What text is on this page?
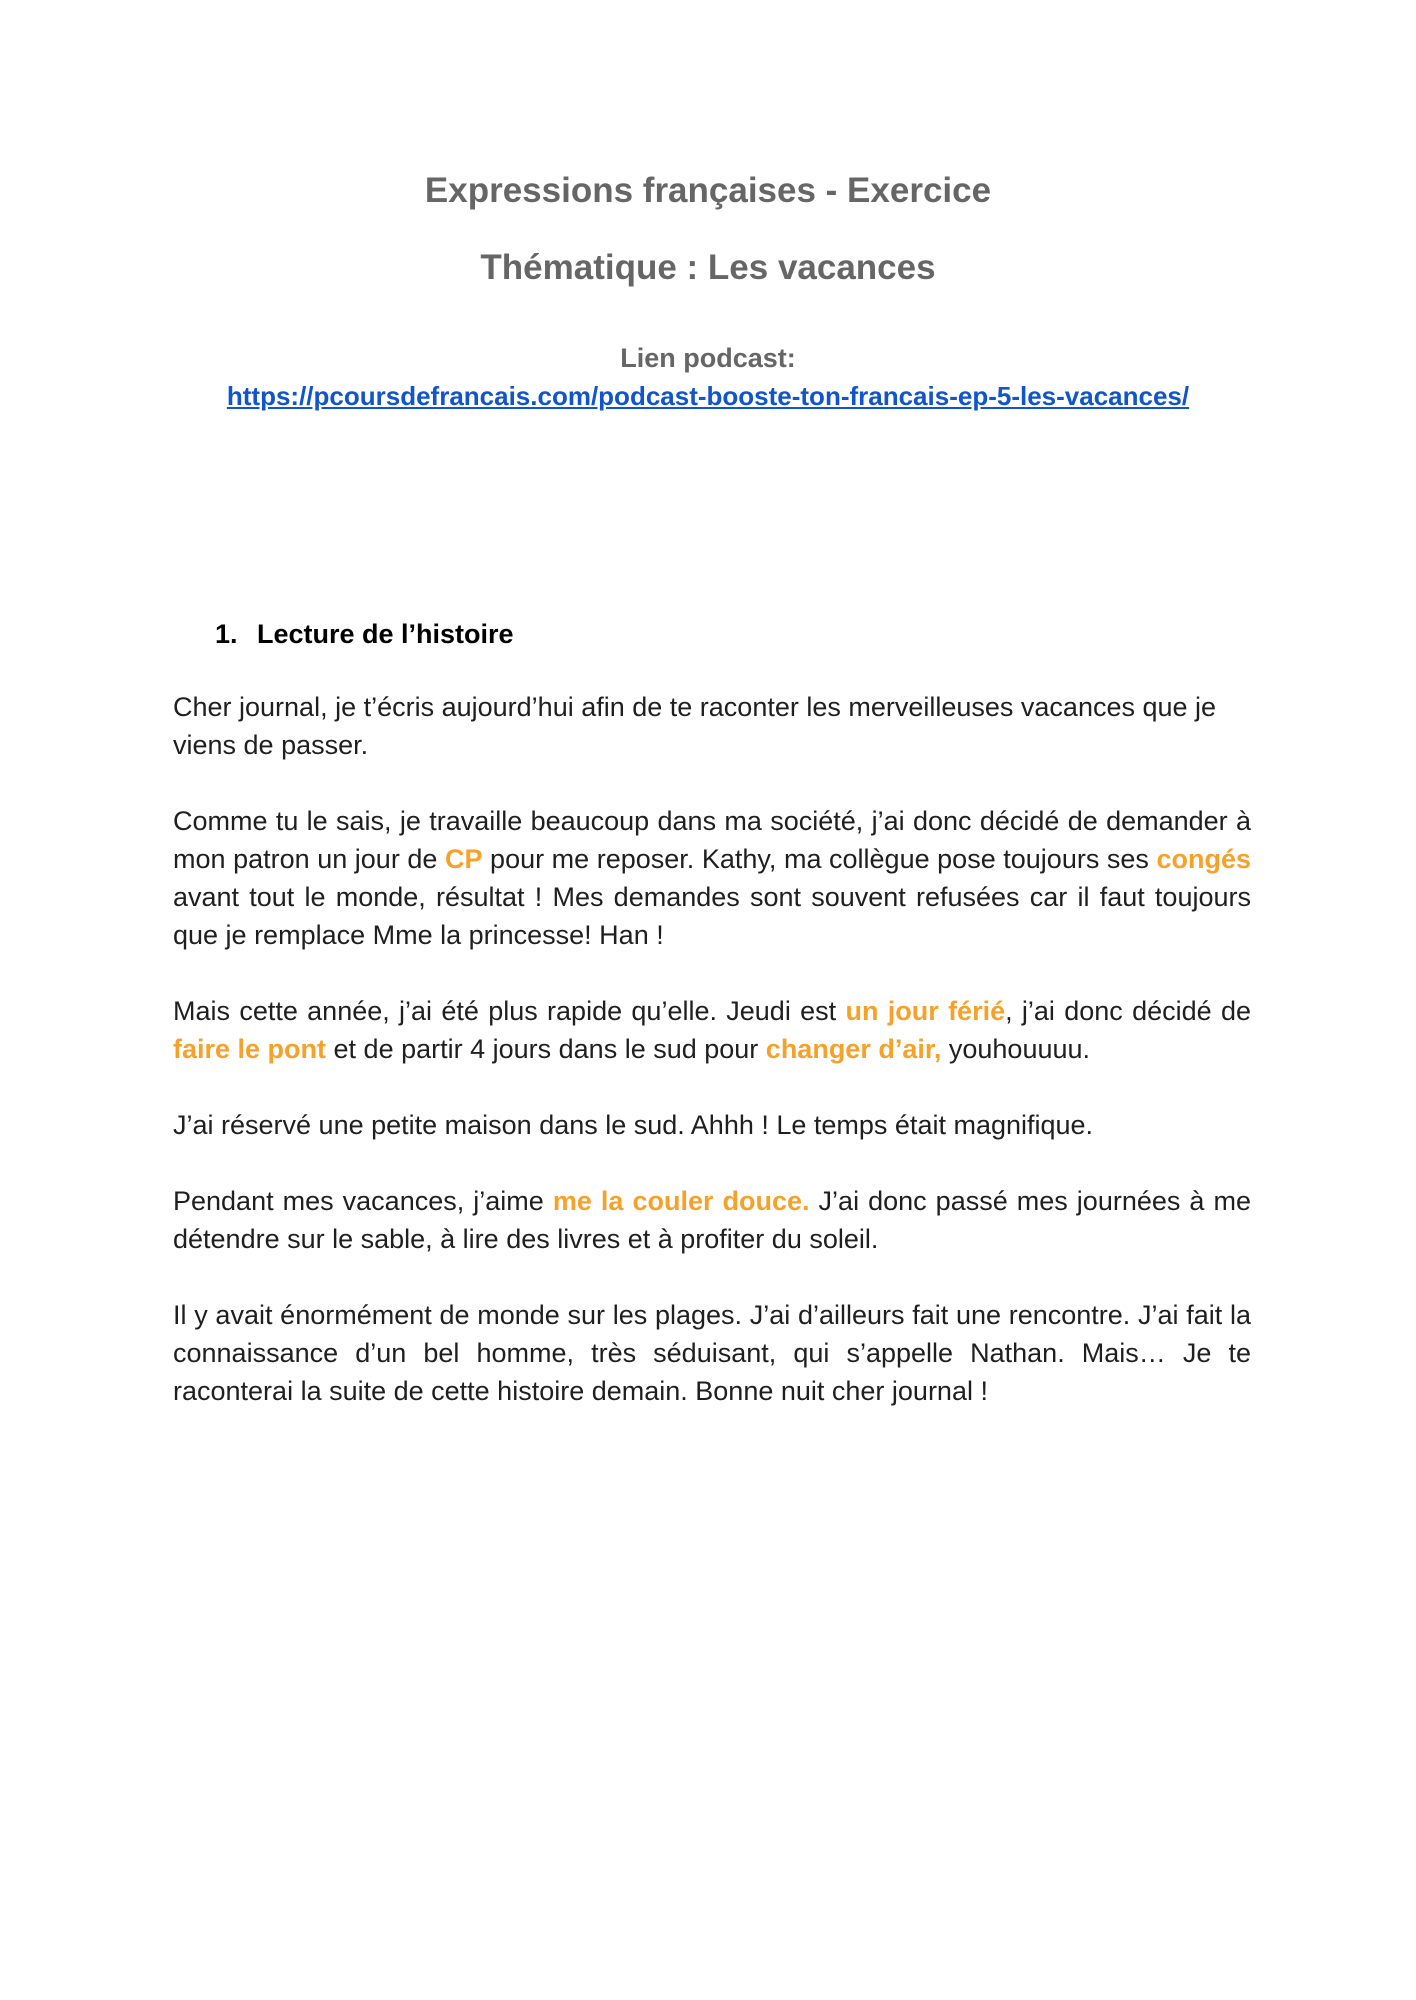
Expressions françaises - Exercice
Thématique : Les vacances
Lien podcast:
https://pcoursdefrancais.com/podcast-booste-ton-francais-ep-5-les-vacances/
1. Lecture de l’histoire

Cher journal, je t’écris aujourd’hui afin de te raconter les merveilleuses vacances que je viens de passer.

Comme tu le sais, je travaille beaucoup dans ma société, j’ai donc décidé de demander à mon patron un jour de CP pour me reposer. Kathy, ma collègue pose toujours ses congés avant tout le monde, résultat ! Mes demandes sont souvent refusées car il faut toujours que je remplace Mme la princesse! Han !

Mais cette année, j’ai été plus rapide qu’elle. Jeudi est un jour férié, j’ai donc décidé de faire le pont et de partir 4 jours dans le sud pour changer d’air, youhouuuu.

J’ai réservé une petite maison dans le sud. Ahhh ! Le temps était magnifique.

Pendant mes vacances, j’aime me la couler douce. J’ai donc passé mes journées à me détendre sur le sable, à lire des livres et à profiter du soleil.

Il y avait énormément de monde sur les plages. J’ai d’ailleurs fait une rencontre. J’ai fait la connaissance d’un bel homme, très séduisant, qui s’appelle Nathan. Mais… Je te raconterai la suite de cette histoire demain. Bonne nuit cher journal !
